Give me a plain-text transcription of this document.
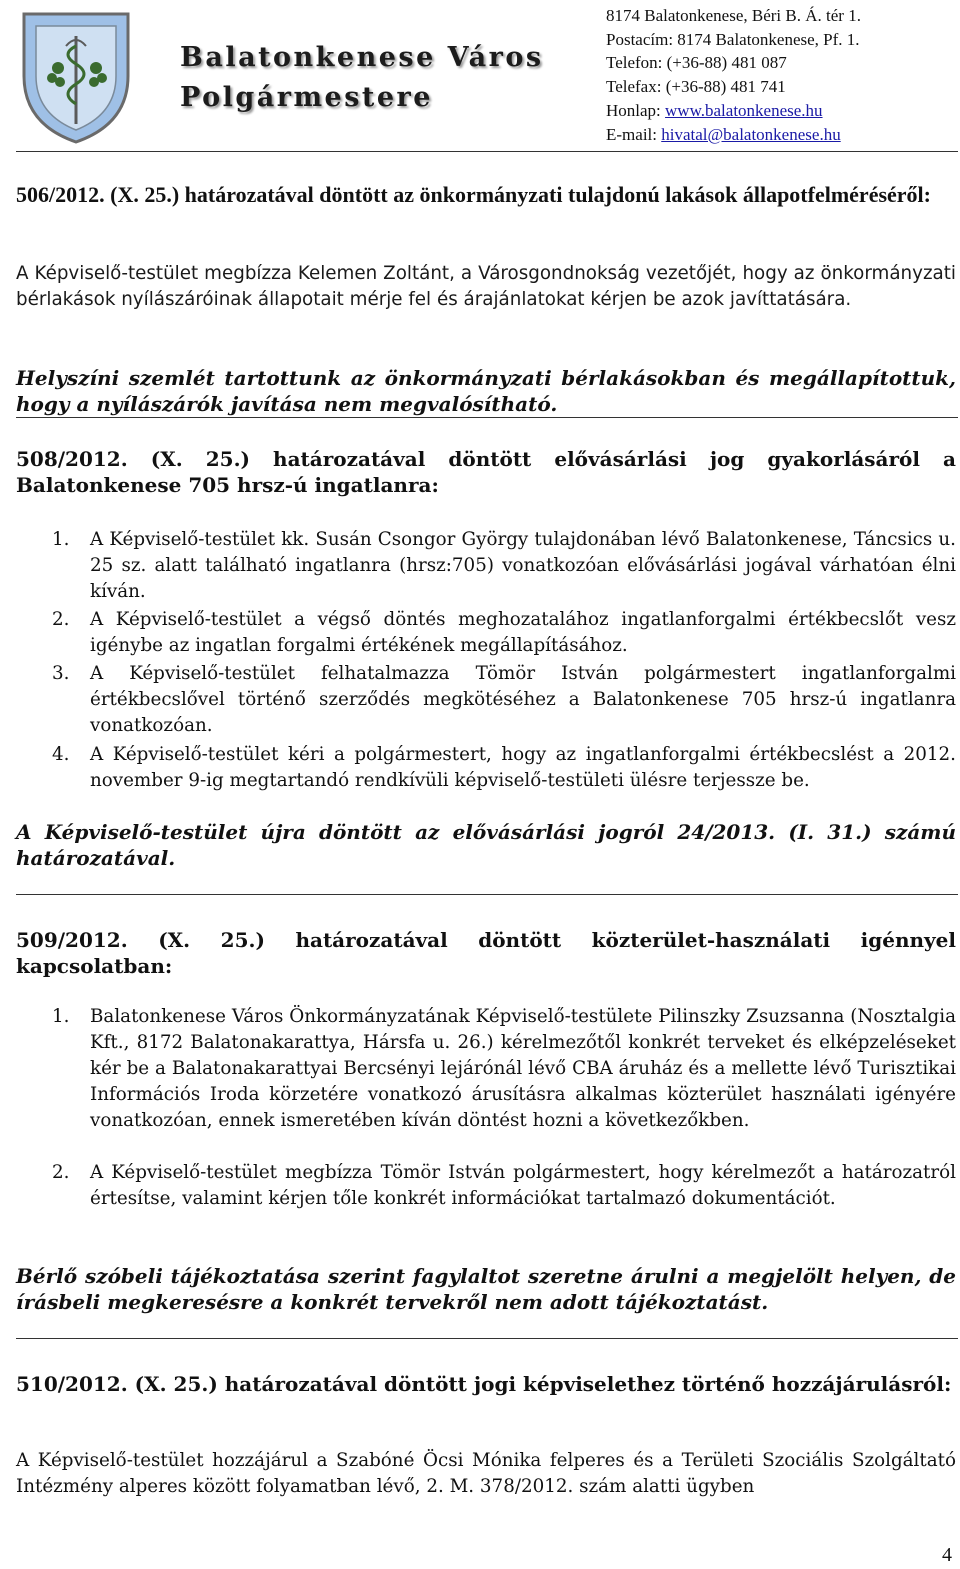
Balatonkenese Város
Polgármestere
8174 Balatonkenese, Béri B. Á. tér 1.
Postacím: 8174 Balatonkenese, Pf. 1.
Telefon: (+36-88) 481 087
Telefax: (+36-88) 481 741
Honlap: www.balatonkenese.hu
E-mail: hivatal@balatonkenese.hu

506/2012. (X. 25.) határozatával döntött az önkormányzati tulajdonú lakások állapotfelméréséről:

A Képviselő-testület megbízza Kelemen Zoltánt, a Városgondnokság vezetőjét, hogy az önkormányzati bérlakások nyílászáróinak állapotait mérje fel és árajánlatokat kérjen be azok javíttatására.

Helyszíni szemlét tartottunk az önkormányzati bérlakásokban és megállapítottuk, hogy a nyílászárók javítása nem megvalósítható.

508/2012. (X. 25.) határozatával döntött elővásárlási jog gyakorlásáról a Balatonkenese 705 hrsz-ú ingatlanra:

1. A Képviselő-testület kk. Susán Csongor György tulajdonában lévő Balatonkenese, Táncsics u. 25 sz. alatt található ingatlanra (hrsz:705) vonatkozóan elővásárlási jogával várhatóan élni kíván.
2. A Képviselő-testület a végső döntés meghozatalához ingatlanforgalmi értékbecslőt vesz igénybe az ingatlan forgalmi értékének megállapításához.
3. A Képviselő-testület felhatalmazza Tömör István polgármestert ingatlanforgalmi értékbecslővel történő szerződés megkötéséhez a Balatonkenese 705 hrsz-ú ingatlanra vonatkozóan.
4. A Képviselő-testület kéri a polgármestert, hogy az ingatlanforgalmi értékbecslést a 2012. november 9-ig megtartandó rendkívüli képviselő-testületi ülésre terjessze be.

A Képviselő-testület újra döntött az elővásárlási jogról 24/2013. (I. 31.) számú határozatával.

509/2012. (X. 25.) határozatával döntött közterület-használati igénnyel kapcsolatban:

1. Balatonkenese Város Önkormányzatának Képviselő-testülete Pilinszky Zsuzsanna (Nosztalgia Kft., 8172 Balatonakarattya, Hársfa u. 26.) kérelmezőtől konkrét terveket és elképzeléseket kér be a Balatonakarattyai Bercsényi lejárónál lévő CBA áruház és a mellette lévő Turisztikai Információs Iroda körzetére vonatkozó árusításra alkalmas közterület használati igényére vonatkozóan, ennek ismeretében kíván döntést hozni a következőkben.
2. A Képviselő-testület megbízza Tömör István polgármestert, hogy kérelmezőt a határozatról értesítse, valamint kérjen tőle konkrét információkat tartalmazó dokumentációt.

Bérlő szóbeli tájékoztatása szerint fagylaltot szeretne árulni a megjelölt helyen, de írásbeli megkeresésre a konkrét tervekről nem adott tájékoztatást.

510/2012. (X. 25.) határozatával döntött jogi képviselethez történő hozzájárulásról:

A Képviselő-testület hozzájárul a Szabóné Öcsi Mónika felperes és a Területi Szociális Szolgáltató Intézmény alperes között folyamatban lévő, 2. M. 378/2012. szám alatti ügyben

4
